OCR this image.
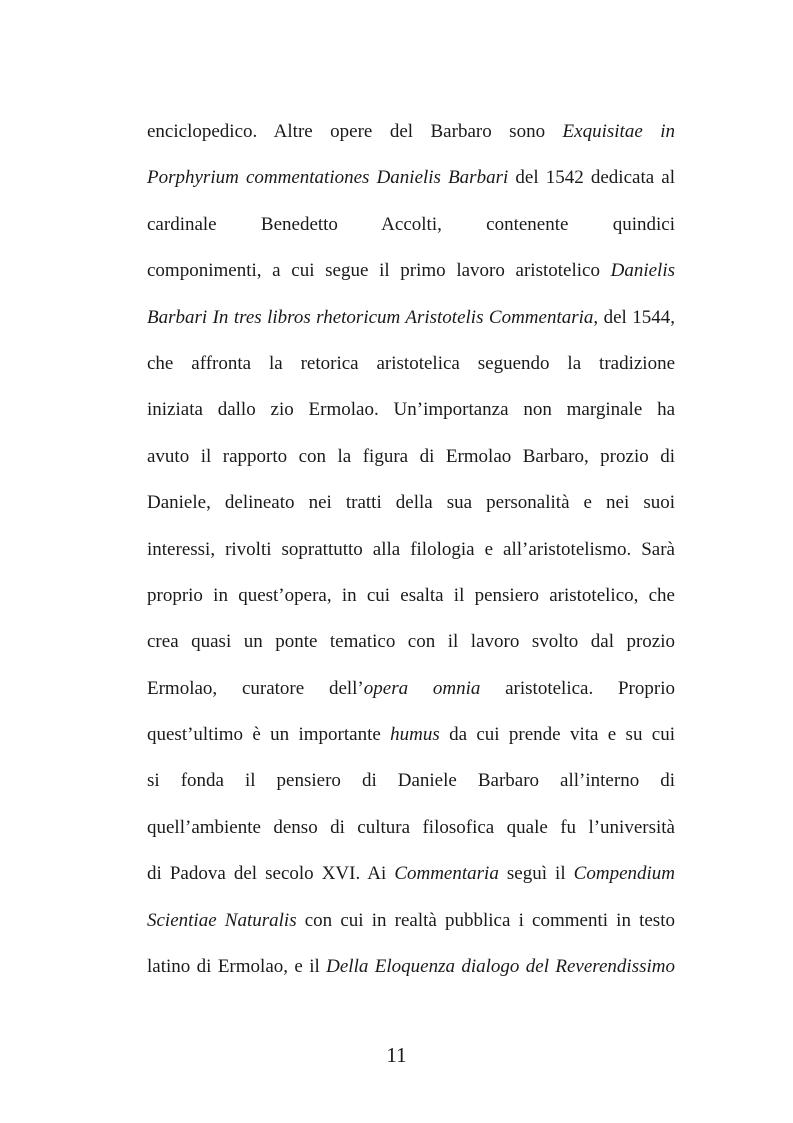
enciclopedico. Altre opere del Barbaro sono Exquisitae in
Porphyrium commentationes Danielis Barbari del 1542 dedicata al
cardinale Benedetto Accolti, contenente quindici
componimenti, a cui segue il primo lavoro aristotelico Danielis
Barbari In tres libros rhetoricum Aristotelis Commentaria, del 1544,
che affronta la retorica aristotelica seguendo la tradizione
iniziata dallo zio Ermolao. Un’importanza non marginale ha
avuto il rapporto con la figura di Ermolao Barbaro, prozio di
Daniele, delineato nei tratti della sua personalità e nei suoi
interessi, rivolti soprattutto alla filologia e all’aristotelismo. Sarà
proprio in quest’opera, in cui esalta il pensiero aristotelico, che
crea quasi un ponte tematico con il lavoro svolto dal prozio
Ermolao, curatore dell’opera omnia aristotelica. Proprio
quest’ultimo è un importante humus da cui prende vita e su cui
si fonda il pensiero di Daniele Barbaro all’interno di
quell’ambiente denso di cultura filosofica quale fu l’università
di Padova del secolo XVI. Ai Commentaria seguì il Compendium
Scientiae Naturalis con cui in realtà pubblica i commenti in testo
latino di Ermolao, e il Della Eloquenza dialogo del Reverendissimo

11
